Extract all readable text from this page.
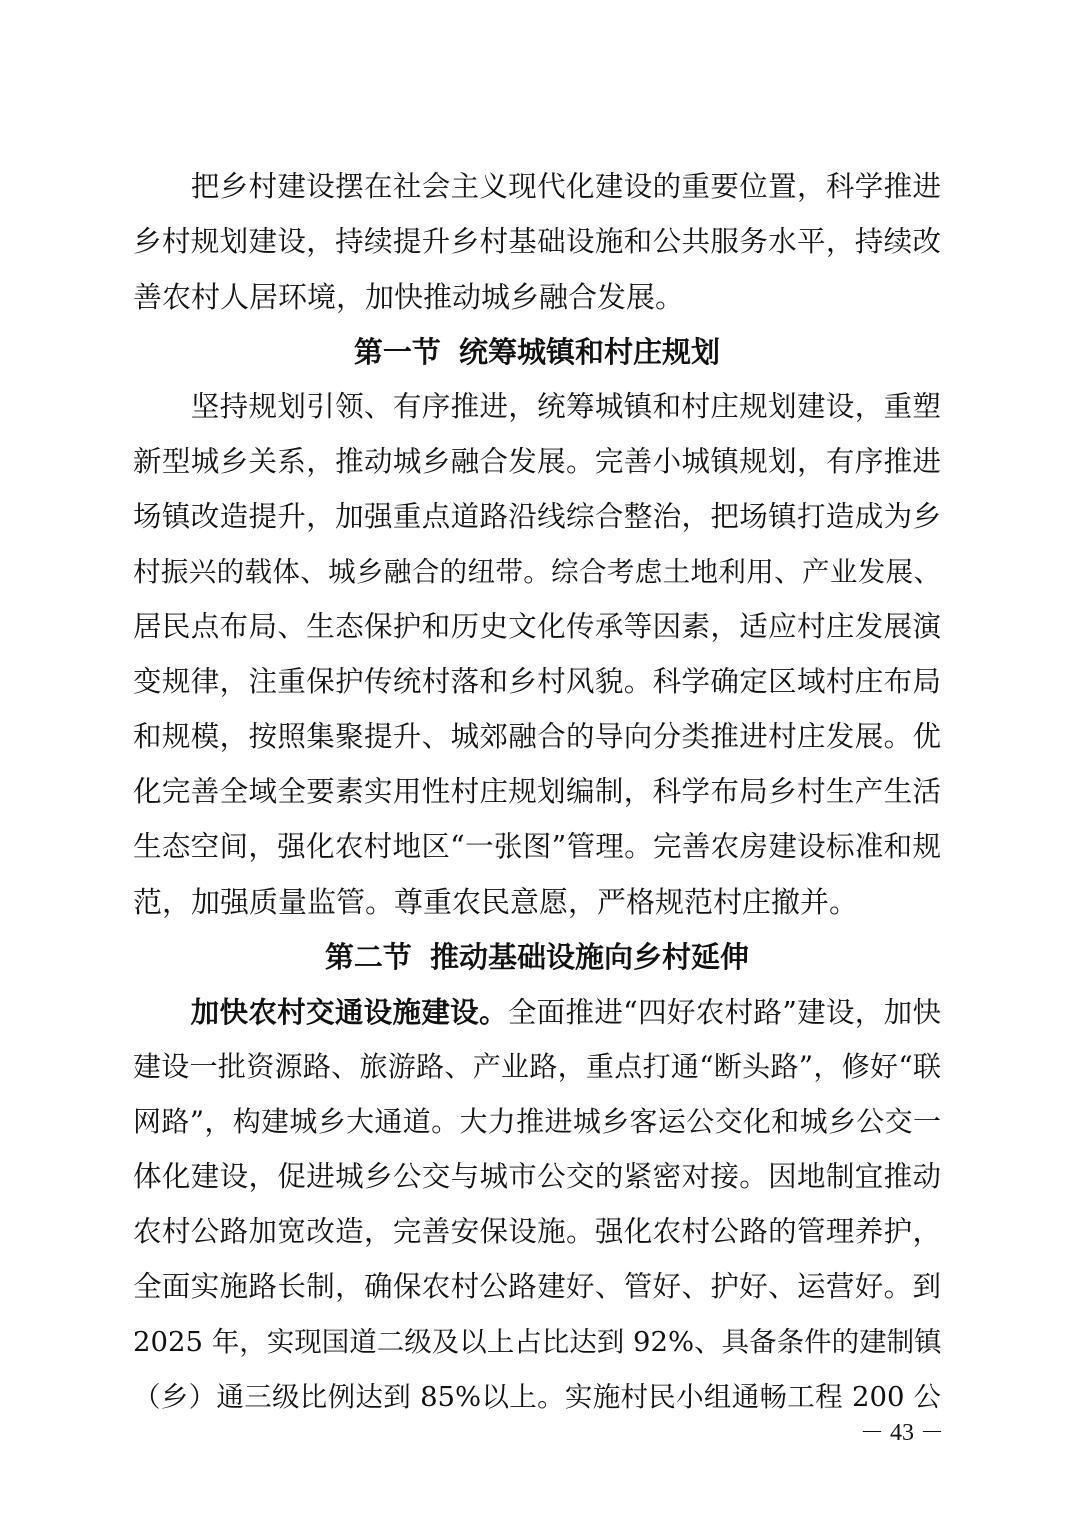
　　把乡村建设摆在社会主义现代化建设的重要位置，科学推进
乡村规划建设，持续提升乡村基础设施和公共服务水平，持续改
善农村人居环境，加快推动城乡融合发展。
第一节 统筹城镇和村庄规划
　　坚持规划引领、有序推进，统筹城镇和村庄规划建设，重塑
新型城乡关系，推动城乡融合发展。完善小城镇规划，有序推进
场镇改造提升，加强重点道路沿线综合整治，把场镇打造成为乡
村振兴的载体、城乡融合的纽带。综合考虑土地利用、产业发展、
居民点布局、生态保护和历史文化传承等因素，适应村庄发展演
变规律，注重保护传统村落和乡村风貌。科学确定区域村庄布局
和规模，按照集聚提升、城郊融合的导向分类推进村庄发展。优
化完善全域全要素实用性村庄规划编制，科学布局乡村生产生活
生态空间，强化农村地区“一张图”管理。完善农房建设标准和规
范，加强质量监管。尊重农民意愿，严格规范村庄撤并。
第二节 推动基础设施向乡村延伸
　　加快农村交通设施建设。全面推进“四好农村路”建设，加快
建设一批资源路、旅游路、产业路，重点打通“断头路”，修好“联
网路”，构建城乡大通道。大力推进城乡客运公交化和城乡公交一
体化建设，促进城乡公交与城市公交的紧密对接。因地制宜推动
农村公路加宽改造，完善安保设施。强化农村公路的管理养护，
全面实施路长制，确保农村公路建好、管好、护好、运营好。到
2025 年，实现国道二级及以上占比达到 92%、具备条件的建制镇
（乡）通三级比例达到 85%以上。实施村民小组通畅工程 200 公
－ 43 －
